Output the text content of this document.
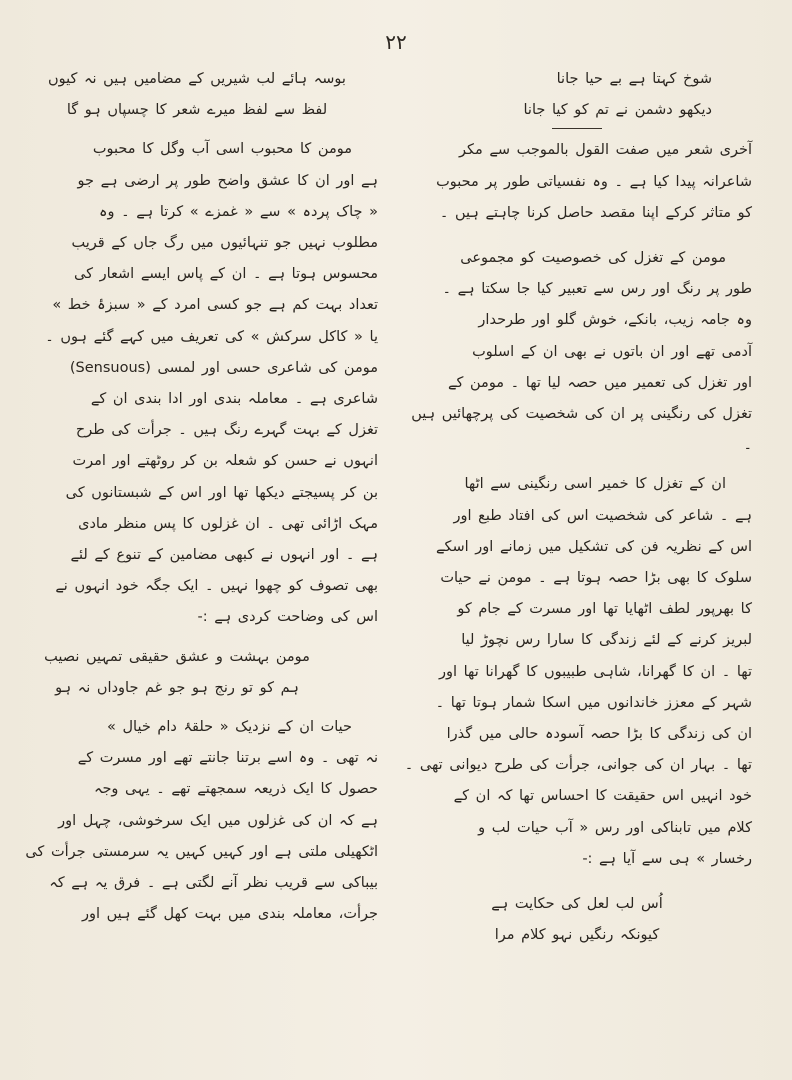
۲۲

شوخ کہتا ہے بے حیا جانا

دیکھو دشمن نے تم کو کیا جانا

آخری شعر میں صفت القول بالموجب سے مکر

شاعرانہ پیدا کیا ہے ۔ وہ نفسیاتی طور پر محبوب

کو متاثر کرکے اپنا مقصد حاصل کرنا چاہتے ہیں ۔

مومن کے تغزل کی خصوصیت کو مجموعی

طور پر رنگ اور رس سے تعبیر کیا جا سکتا ہے ۔

وہ جامہ زیب، بانکے، خوش گلو اور طرحدار

آدمی تھے اور ان باتوں نے بھی ان کے اسلوب

اور تغزل کی تعمیر میں حصہ لیا تھا ۔ مومن کے

تغزل کی رنگینی پر ان کی شخصیت کی پرچھائیں ہیں ۔

ان کے تغزل کا خمیر اسی رنگینی سے اٹھا

ہے ۔ شاعر کی شخصیت اس کی افتاد طبع اور

اس کے نظریہ فن کی تشکیل میں زمانے اور اسکے

سلوک کا بھی بڑا حصہ ہوتا ہے ۔ مومن نے حیات

کا بھرپور لطف اٹھایا تھا اور مسرت کے جام کو

لبریز کرنے کے لئے زندگی کا سارا رس نچوڑ لیا

تھا ۔ ان کا گھرانا، شاہی طبیبوں کا گھرانا تھا اور

شہر کے معزز خاندانوں میں اسکا شمار ہوتا تھا ۔

ان کی زندگی کا بڑا حصہ آسودہ حالی میں گذرا

تھا ۔ بہار ان کی جوانی، جرأت کی طرح دیوانی تھی ۔

خود انہیں اس حقیقت کا احساس تھا کہ ان کے

کلام میں تابناکی اور رس « آب حیات لب و

رخسار » ہی سے آیا ہے :-

اُس لب لعل کی حکایت ہے

کیونکہ رنگیں نہو کلام مرا

بوسہ ہائے لب شیریں کے مضامیں ہیں نہ کیوں

لفظ سے لفظ میرے شعر کا چسپاں ہو گا

مومن کا محبوب اسی آب وگل کا محبوب

ہے اور ان کا عشق واضح طور پر ارضی ہے جو

« چاک پردہ » سے « غمزے » کرتا ہے ۔ وہ

مطلوب نہیں جو تنہائیوں میں رگ جاں کے قریب

محسوس ہوتا ہے ۔ ان کے پاس ایسے اشعار کی

تعداد بہت کم ہے جو کسی امرد کے « سبزۂ خط »

یا « کاکل سرکش » کی تعریف میں کہے گئے ہوں ۔

مومن کی شاعری حسی اور لمسی (Sensuous)

شاعری ہے ۔ معاملہ بندی اور ادا بندی ان کے

تغزل کے بہت گہرے رنگ ہیں ۔ جرأت کی طرح

انہوں نے حسن کو شعلہ بن کر روٹھتے اور امرت

بن کر پسیجتے دیکھا تھا اور اس کے شبستانوں کی

مہک اڑائی تھی ۔ ان غزلوں کا پس منظر مادی

ہے ۔ اور انہوں نے کبھی مضامین کے تنوع کے لئے

بھی تصوف کو چھوا نہیں ۔ ایک جگہ خود انہوں نے

اس کی وضاحت کردی ہے :-

مومن بہشت و عشق حقیقی تمہیں نصیب

ہم کو تو رنج ہو جو غم جاوداں نہ ہو

حیات ان کے نزدیک « حلقۂ دام خیال »

نہ تھی ۔ وہ اسے برتنا جانتے تھے اور مسرت کے

حصول کا ایک ذریعہ سمجھتے تھے ۔ یہی وجہ

ہے کہ ان کی غزلوں میں ایک سرخوشی، چہل اور

اٹکھیلی ملتی ہے اور کہیں کہیں یہ سرمستی جرأت کی

بیباکی سے قریب نظر آنے لگتی ہے ۔ فرق یہ ہے کہ

جرأت، معاملہ بندی میں بہت کھل گئے ہیں اور
